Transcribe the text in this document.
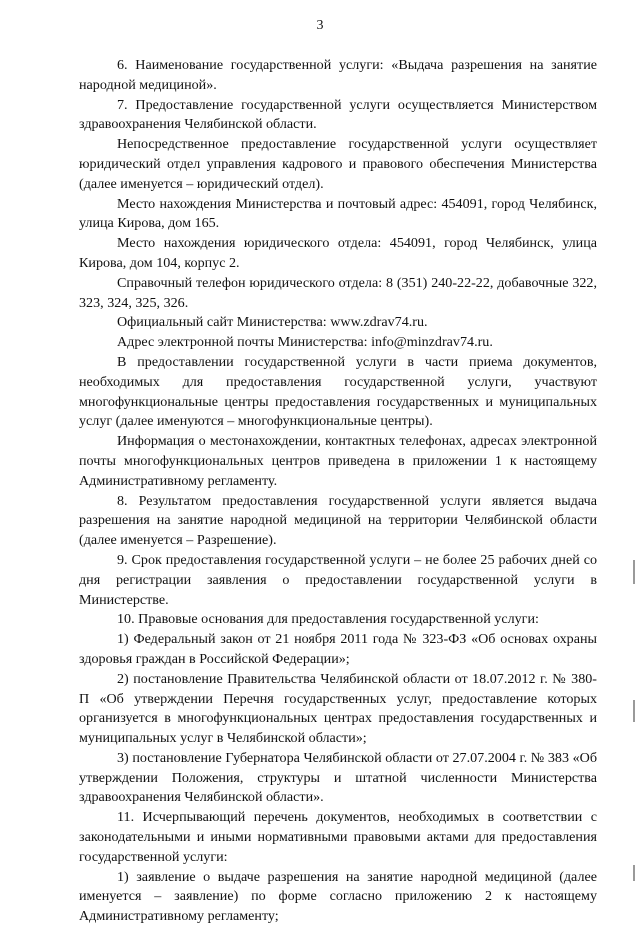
3

6. Наименование государственной услуги: «Выдача разрешения на занятие народной медициной».

7. Предоставление государственной услуги осуществляется Министерством здравоохранения Челябинской области.

Непосредственное предоставление государственной услуги осуществляет юридический отдел управления кадрового и правового обеспечения Министерства (далее именуется – юридический отдел).

Место нахождения Министерства и почтовый адрес: 454091, город Челябинск, улица Кирова, дом 165.

Место нахождения юридического отдела: 454091, город Челябинск, улица Кирова, дом 104, корпус 2.

Справочный телефон юридического отдела: 8 (351) 240-22-22, добавочные 322, 323, 324, 325, 326.

Официальный сайт Министерства: www.zdrav74.ru.

Адрес электронной почты Министерства: info@minzdrav74.ru.

В предоставлении государственной услуги в части приема документов, необходимых для предоставления государственной услуги, участвуют многофункциональные центры предоставления государственных и муниципальных услуг (далее именуются – многофункциональные центры).

Информация о местонахождении, контактных телефонах, адресах электронной почты многофункциональных центров приведена в приложении 1 к настоящему Административному регламенту.

8. Результатом предоставления государственной услуги является выдача разрешения на занятие народной медициной на территории Челябинской области (далее именуется – Разрешение).

9. Срок предоставления государственной услуги – не более 25 рабочих дней со дня регистрации заявления о предоставлении государственной услуги в Министерстве.

10. Правовые основания для предоставления государственной услуги:

1) Федеральный закон от 21 ноября 2011 года № 323-ФЗ «Об основах охраны здоровья граждан в Российской Федерации»;

2) постановление Правительства Челябинской области от 18.07.2012 г. № 380-П «Об утверждении Перечня государственных услуг, предоставление которых организуется в многофункциональных центрах предоставления государственных и муниципальных услуг в Челябинской области»;

3) постановление Губернатора Челябинской области от 27.07.2004 г. № 383 «Об утверждении Положения, структуры и штатной численности Министерства здравоохранения Челябинской области».

11. Исчерпывающий перечень документов, необходимых в соответствии с законодательными и иными нормативными правовыми актами для предоставления государственной услуги:

1) заявление о выдаче разрешения на занятие народной медициной (далее именуется – заявление) по форме согласно приложению 2 к настоящему Административному регламенту;
